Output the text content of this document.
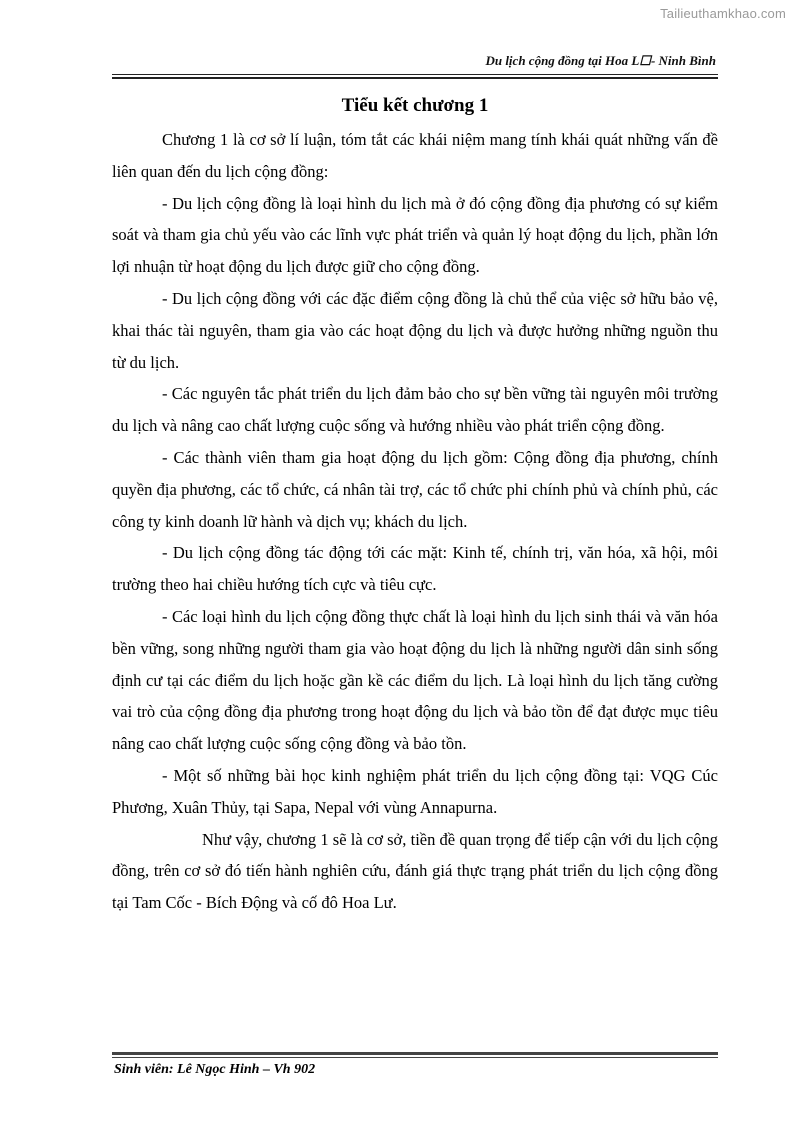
Tailieuthamkhao.com
Du lịch cộng đồng tại Hoa L☐- Ninh Bình
Tiểu kết chương 1

Chương 1 là cơ sở lí luận, tóm tắt các khái niệm mang tính khái quát những vấn đề liên quan đến du lịch cộng đồng:

- Du lịch cộng đồng là loại hình du lịch mà ở đó cộng đồng địa phương có sự kiểm soát và tham gia chủ yếu vào các lĩnh vực phát triển và quản lý hoạt động du lịch, phần lớn lợi nhuận từ hoạt động du lịch được giữ cho cộng đồng.

- Du lịch cộng đồng với các đặc điểm cộng đồng là chủ thể của việc sở hữu bảo vệ, khai thác tài nguyên, tham gia vào các hoạt động du lịch và được hưởng những nguồn thu từ du lịch.

- Các nguyên tắc phát triển du lịch đảm bảo cho sự bền vững tài nguyên môi trường du lịch và nâng cao chất lượng cuộc sống và hướng nhiều vào phát triển cộng đồng.

- Các thành viên tham gia hoạt động du lịch gồm: Cộng đồng địa phương, chính quyền địa phương, các tổ chức, cá nhân tài trợ, các tổ chức phi chính phủ và chính phủ, các công ty kinh doanh lữ hành và dịch vụ; khách du lịch.

- Du lịch cộng đồng tác động tới các mặt: Kinh tế, chính trị, văn hóa, xã hội, môi trường theo hai chiều hướng tích cực và tiêu cực.

- Các loại hình du lịch cộng đồng thực chất là loại hình du lịch sinh thái và văn hóa bền vững, song những người tham gia vào hoạt động du lịch là những người dân sinh sống định cư tại các điểm du lịch hoặc gần kề các điểm du lịch. Là loại hình du lịch tăng cường vai trò của cộng đồng địa phương trong hoạt động du lịch và bảo tồn để đạt được mục tiêu nâng cao chất lượng cuộc sống cộng đồng và bảo tồn.

- Một số những bài học kinh nghiệm phát triển du lịch cộng đồng tại: VQG Cúc Phương, Xuân Thủy, tại Sapa, Nepal với vùng Annapurna.

Như vậy, chương 1 sẽ là cơ sở, tiền đề quan trọng để tiếp cận với du lịch cộng đồng, trên cơ sở đó tiến hành nghiên cứu, đánh giá thực trạng phát triển du lịch cộng đồng tại Tam Cốc - Bích Động và cố đô Hoa Lư.

Sinh viên: Lê Ngọc Hinh – Vh 902
